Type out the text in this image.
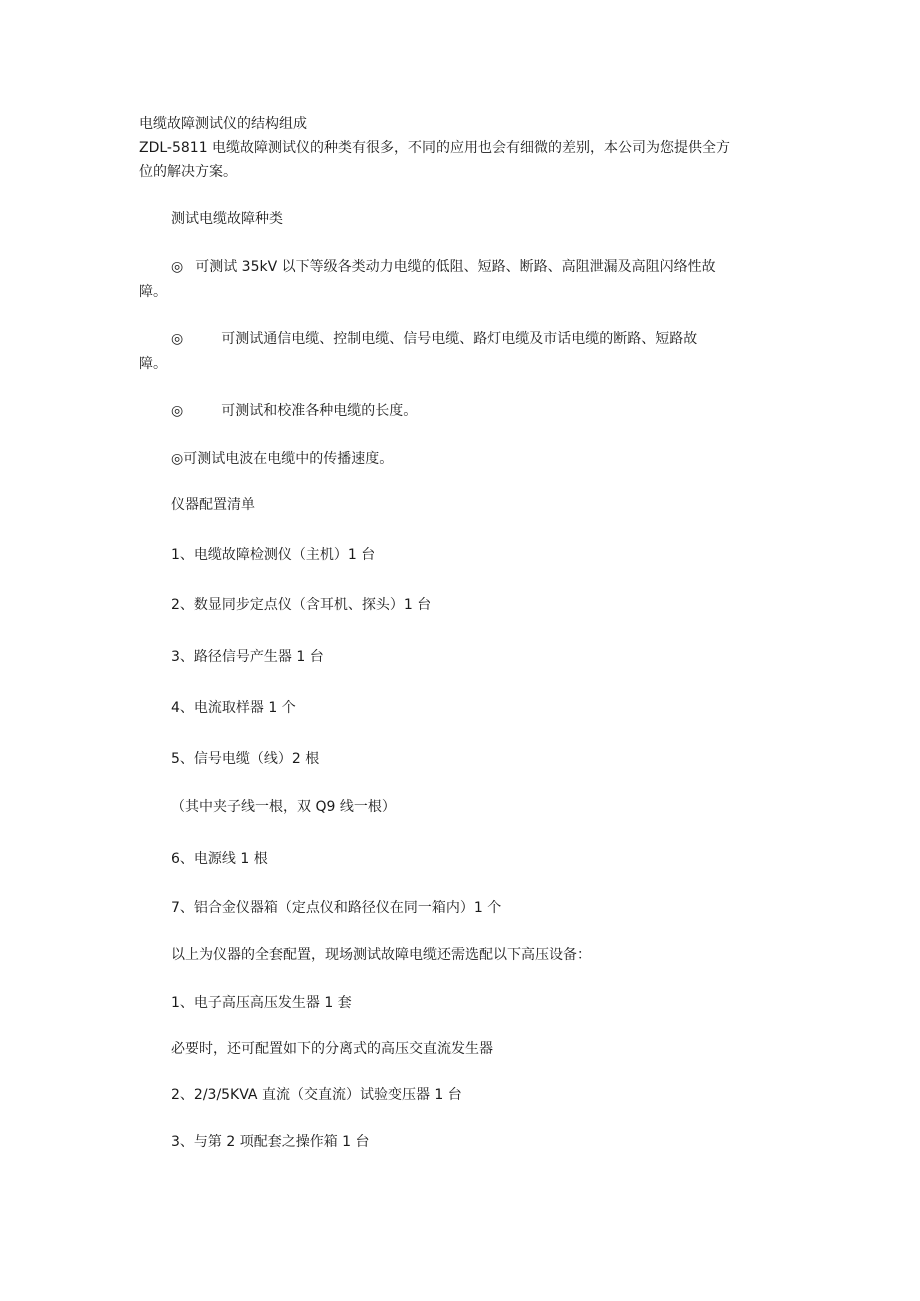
电缆故障测试仪的结构组成

ZDL-5811 电缆故障测试仪的种类有很多，不同的应用也会有细微的差别，本公司为您提供全方

位的解决方案。

测试电缆故障种类

◎ 可测试 35kV 以下等级各类动力电缆的低阻、短路、断路、高阻泄漏及高阻闪络性故

障。

◎	可测试通信电缆、控制电缆、信号电缆、路灯电缆及市话电缆的断路、短路故

障。

◎	可测试和校准各种电缆的长度。

◎可测试电波在电缆中的传播速度。

仪器配置清单

1、电缆故障检测仪（主机）1 台

2、数显同步定点仪（含耳机、探头）1 台

3、路径信号产生器 1 台

4、电流取样器 1 个

5、信号电缆（线）2 根

（其中夹子线一根，双 Q9 线一根）

6、电源线 1 根

7、铝合金仪器箱（定点仪和路径仪在同一箱内）1 个

以上为仪器的全套配置，现场测试故障电缆还需选配以下高压设备：

1、电子高压高压发生器 1 套

必要时，还可配置如下的分离式的高压交直流发生器

2、2/3/5KVA 直流（交直流）试验变压器 1 台

3、与第 2 项配套之操作箱 1 台
